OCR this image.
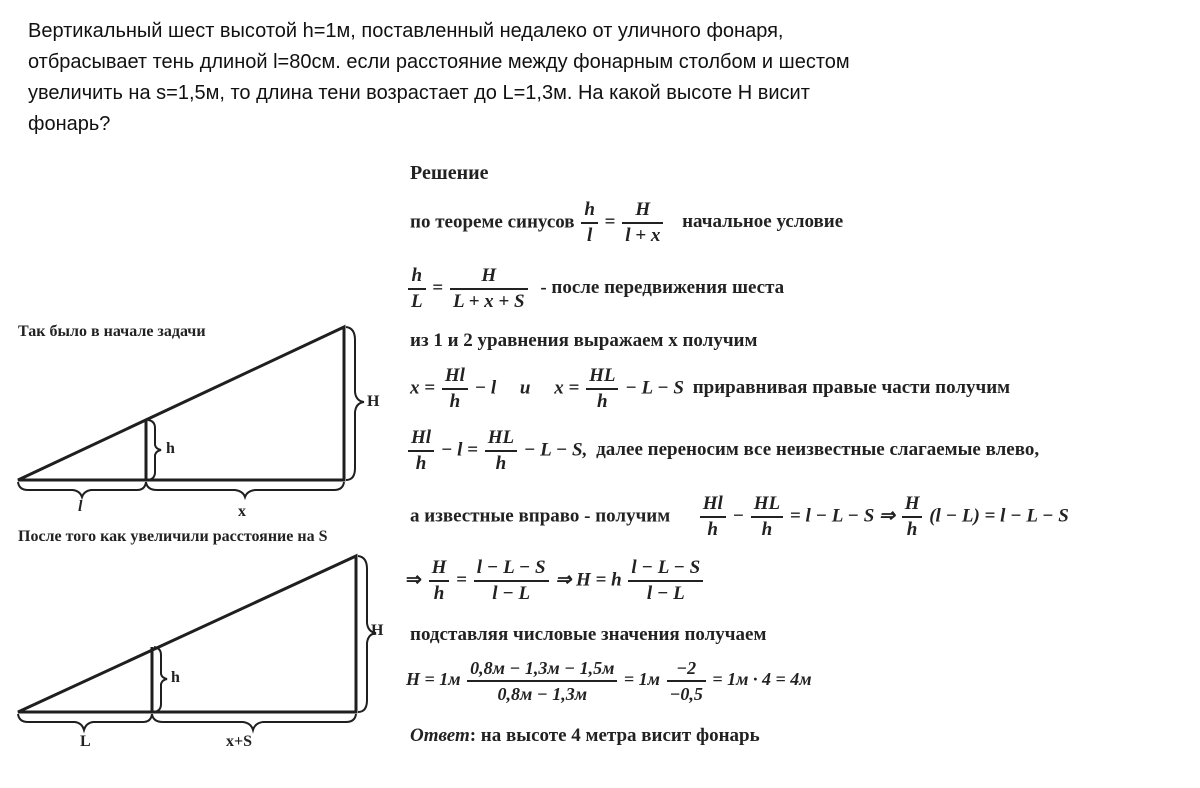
Вертикальный шест высотой h=1м, поставленный недалеко от уличного фонаря,
отбрасывает тень длиной l=80см. если расстояние между фонарным столбом и шестом
увеличить на s=1,5м, то длина тени возрастает до L=1,3м. На какой высоте H висит
фонарь?
Так было в начале задачи
H
h
l	x
После того как увеличили расстояние на S
H
h
L	x+S
Решение
по теореме синусов $\frac{h}{l} = \frac{H}{l + x}$ начальное условие
$\frac{h}{L} = \frac{H}{L + x + S}$ - после передвижения шеста
из 1 и 2 уравнения выражаем х получим
$x = \frac{Hl}{h} - l$     и     $x = \frac{HL}{h} - L - S$ приравнивая правые части получим
$\frac{Hl}{h} - l = \frac{HL}{h} - L - S$, далее переносим все неизвестные слагаемые влево,
а известные вправо - получим $\frac{Hl}{h} - \frac{HL}{h} = l - L - S$ ⇒ $\frac{H}{h} (l - L) = l - L - S$
⇒ $\frac{H}{h} = \frac{l - L - S}{l - L}$ ⇒ H = h $\frac{l - L - S}{l - L}$
подставляя числовые значения получаем
$H = 1м \frac{0,8м - 1,3м - 1,5м}{0,8м - 1,3м} = 1м \frac{-2}{-0,5} = 1м \cdot 4 = 4м$
Ответ: на высоте 4 метра висит фонарь
